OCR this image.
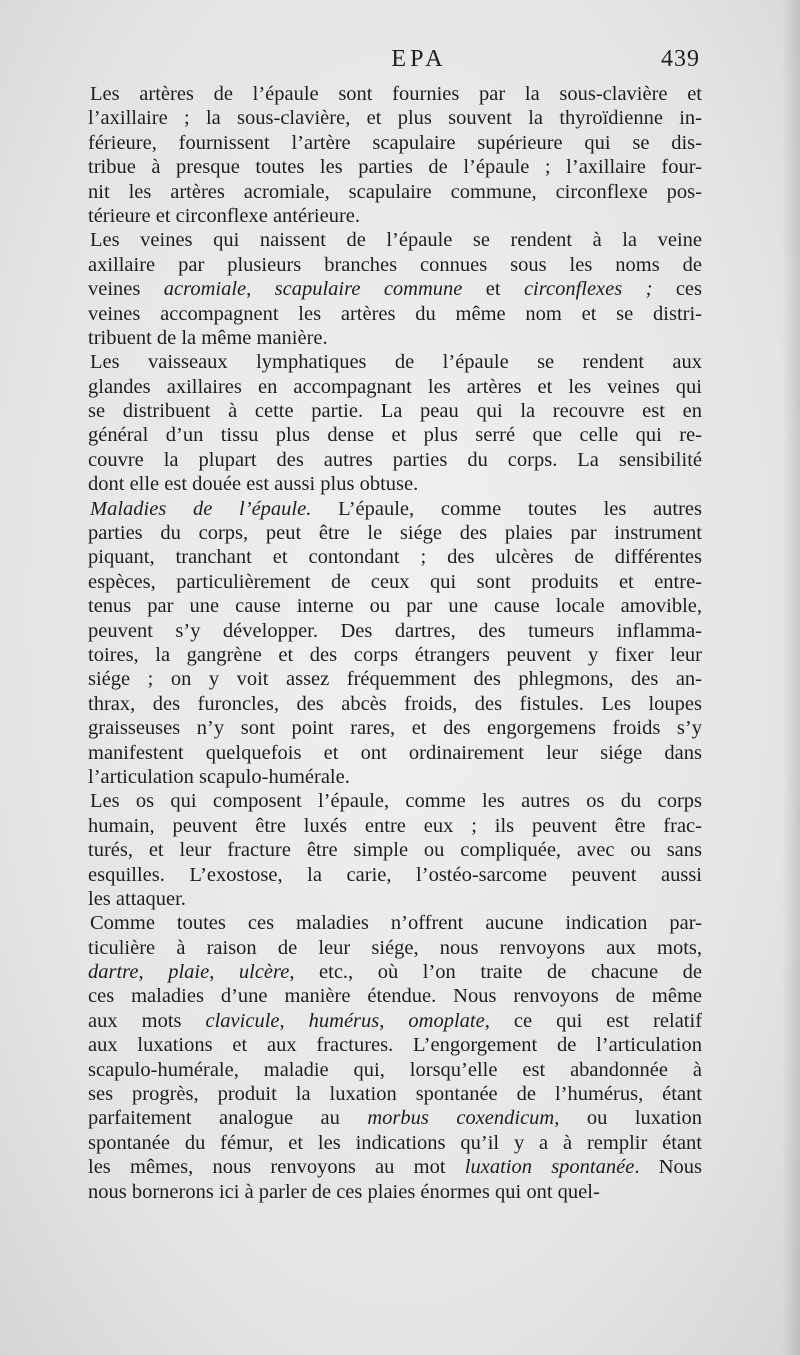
EPA	439
Les artères de l’épaule sont fournies par la sous-clavière et
l’axillaire ; la sous-clavière, et plus souvent la thyroïdienne in-
férieure, fournissent l’artère scapulaire supérieure qui se dis-
tribue à presque toutes les parties de l’épaule ; l’axillaire four-
nit les artères acromiale, scapulaire commune, circonflexe pos-
térieure et circonflexe antérieure.
Les veines qui naissent de l’épaule se rendent à la veine
axillaire par plusieurs branches connues sous les noms de
veines acromiale, scapulaire commune et circonflexes ; ces
veines accompagnent les artères du même nom et se distri-
tribuent de la même manière.
Les vaisseaux lymphatiques de l’épaule se rendent aux
glandes axillaires en accompagnant les artères et les veines qui
se distribuent à cette partie. La peau qui la recouvre est en
général d’un tissu plus dense et plus serré que celle qui re-
couvre la plupart des autres parties du corps. La sensibilité
dont elle est douée est aussi plus obtuse.
Maladies de l’épaule. L’épaule, comme toutes les autres
parties du corps, peut être le siége des plaies par instrument
piquant, tranchant et contondant ; des ulcères de différentes
espèces, particulièrement de ceux qui sont produits et entre-
tenus par une cause interne ou par une cause locale amovible,
peuvent s’y développer. Des dartres, des tumeurs inflamma-
toires, la gangrène et des corps étrangers peuvent y fixer leur
siége ; on y voit assez fréquemment des phlegmons, des an-
thrax, des furoncles, des abcès froids, des fistules. Les loupes
graisseuses n’y sont point rares, et des engorgemens froids s’y
manifestent quelquefois et ont ordinairement leur siége dans
l’articulation scapulo-humérale.
Les os qui composent l’épaule, comme les autres os du corps
humain, peuvent être luxés entre eux ; ils peuvent être frac-
turés, et leur fracture être simple ou compliquée, avec ou sans
esquilles. L’exostose, la carie, l’ostéo-sarcome peuvent aussi
les attaquer.
Comme toutes ces maladies n’offrent aucune indication par-
ticulière à raison de leur siége, nous renvoyons aux mots,
dartre, plaie, ulcère, etc., où l’on traite de chacune de
ces maladies d’une manière étendue. Nous renvoyons de même
aux mots clavicule, humérus, omoplate, ce qui est relatif
aux luxations et aux fractures. L’engorgement de l’articulation
scapulo-humérale, maladie qui, lorsqu’elle est abandonnée à
ses progrès, produit la luxation spontanée de l’humérus, étant
parfaitement analogue au morbus coxendicum, ou luxation
spontanée du fémur, et les indications qu’il y a à remplir étant
les mêmes, nous renvoyons au mot luxation spontanée. Nous
nous bornerons ici à parler de ces plaies énormes qui ont quel-
